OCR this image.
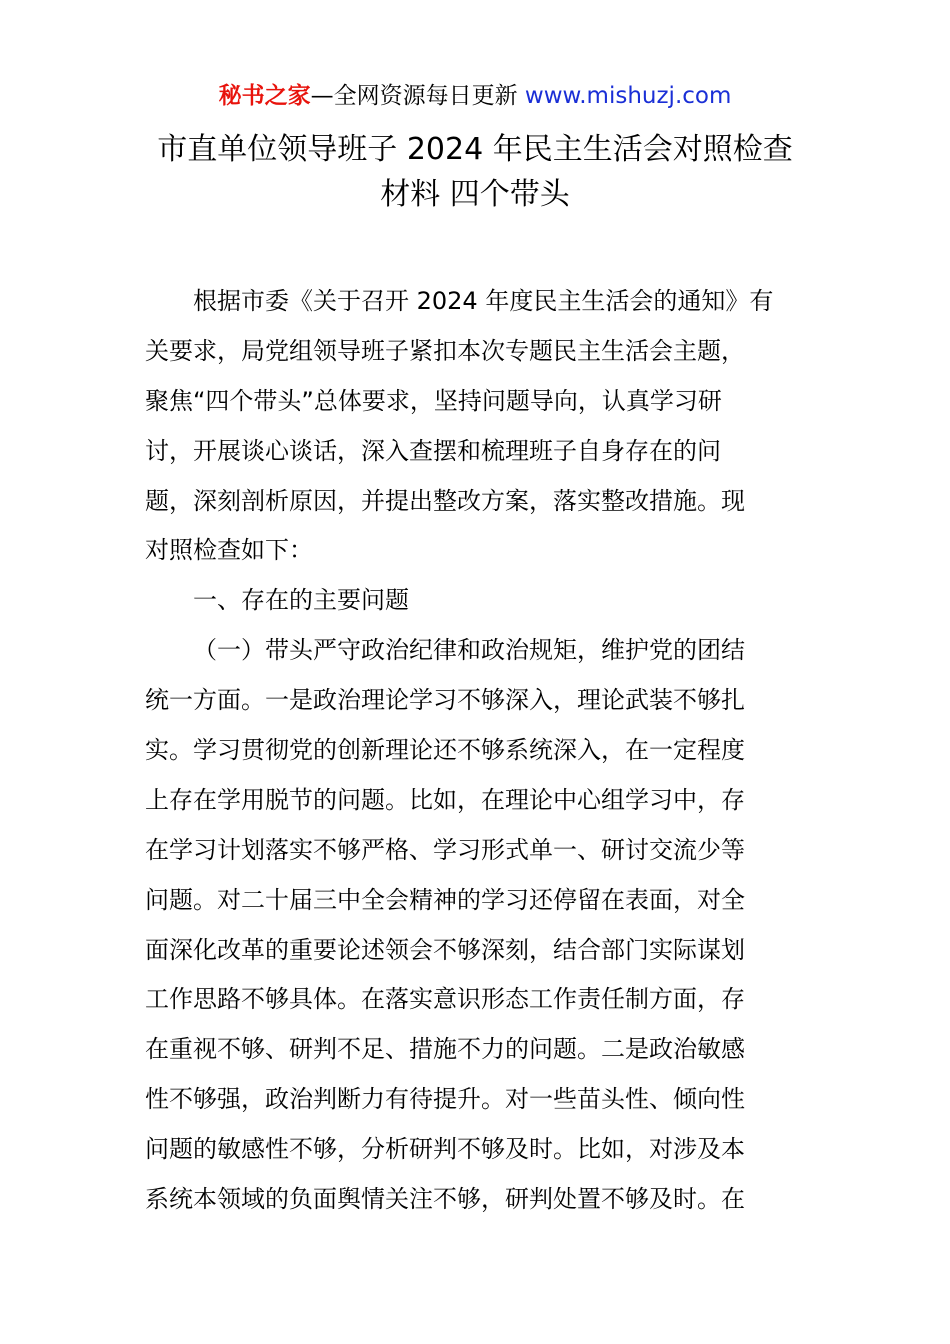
秘书之家—全网资源每日更新 www.mishuzj.com
市直单位领导班子 2024 年民主生活会对照检查
材料 四个带头
根据市委《关于召开 2024 年度民主生活会的通知》有
关要求，局党组领导班子紧扣本次专题民主生活会主题，
聚焦“四个带头”总体要求，坚持问题导向，认真学习研
讨，开展谈心谈话，深入查摆和梳理班子自身存在的问
题，深刻剖析原因，并提出整改方案，落实整改措施。现
对照检查如下：
一、存在的主要问题
（一）带头严守政治纪律和政治规矩，维护党的团结
统一方面。一是政治理论学习不够深入，理论武装不够扎
实。学习贯彻党的创新理论还不够系统深入，在一定程度
上存在学用脱节的问题。比如，在理论中心组学习中，存
在学习计划落实不够严格、学习形式单一、研讨交流少等
问题。对二十届三中全会精神的学习还停留在表面，对全
面深化改革的重要论述领会不够深刻，结合部门实际谋划
工作思路不够具体。在落实意识形态工作责任制方面，存
在重视不够、研判不足、措施不力的问题。二是政治敏感
性不够强，政治判断力有待提升。对一些苗头性、倾向性
问题的敏感性不够，分析研判不够及时。比如，对涉及本
系统本领域的负面舆情关注不够，研判处置不够及时。在
